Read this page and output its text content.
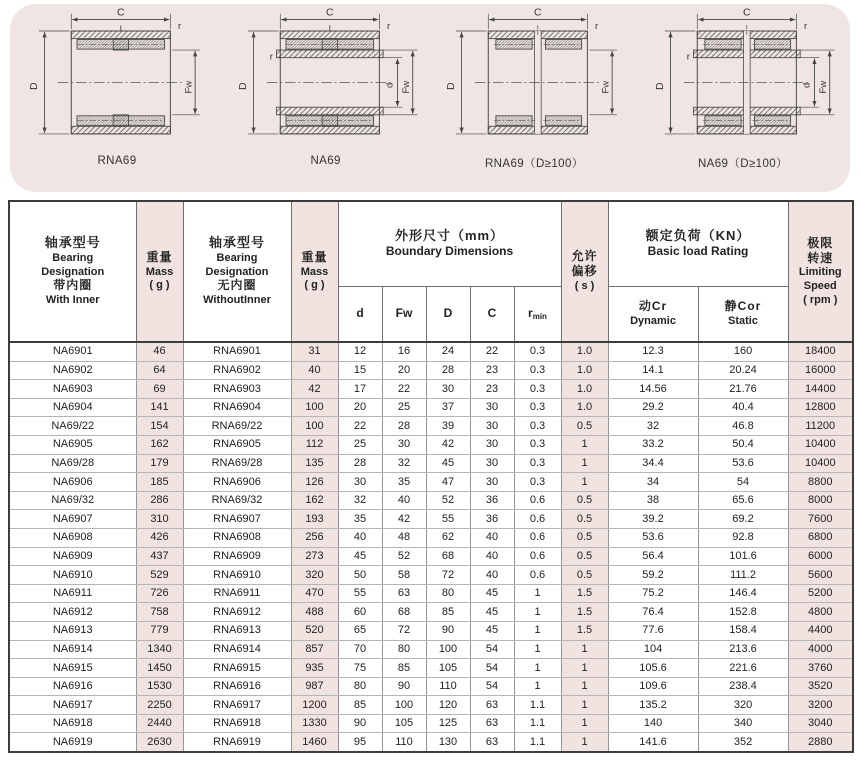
C
r
D	Fw
RNA69
C
r
r
D	d Fw
NA69
C
r
D	Fw
RNA69（D≥100）
C
r
r
D	d Fw
NA69（D≥100）
轴承型号
Bearing
Designation
带内圈
With Inner	重量
Mass
( g )	轴承型号
Bearing
Designation
无内圈
WithoutInner	重量
Mass
( g )	外形尺寸（mm）
Boundary Dimensions					允许
偏移
( s )	额定负荷（KN）
Basic load Rating		极限
转速
Limiting
Speed
( rpm )

				d	Fw	D	C	$r_{min}$		动Cr
Dynamic	静Cor
Static	

NA6901	46	RNA6901	31	12	16	24	22	0.3	1.0	12.3	160	18400
NA6902	64	RNA6902	40	15	20	28	23	0.3	1.0	14.1	20.24	16000
NA6903	69	RNA6903	42	17	22	30	23	0.3	1.0	14.56	21.76	14400
NA6904	141	RNA6904	100	20	25	37	30	0.3	1.0	29.2	40.4	12800
NA69/22	154	RNA69/22	100	22	28	39	30	0.3	0.5	32	46.8	11200
NA6905	162	RNA6905	112	25	30	42	30	0.3	1	33.2	50.4	10400
NA69/28	179	RNA69/28	135	28	32	45	30	0.3	1	34.4	53.6	10400
NA6906	185	RNA6906	126	30	35	47	30	0.3	1	34	54	8800
NA69/32	286	RNA69/32	162	32	40	52	36	0.6	0.5	38	65.6	8000
NA6907	310	RNA6907	193	35	42	55	36	0.6	0.5	39.2	69.2	7600
NA6908	426	RNA6908	256	40	48	62	40	0.6	0.5	53.6	92.8	6800
NA6909	437	RNA6909	273	45	52	68	40	0.6	0.5	56.4	101.6	6000
NA6910	529	RNA6910	320	50	58	72	40	0.6	0.5	59.2	111.2	5600
NA6911	726	RNA6911	470	55	63	80	45	1	1.5	75.2	146.4	5200
NA6912	758	RNA6912	488	60	68	85	45	1	1.5	76.4	152.8	4800
NA6913	779	RNA6913	520	65	72	90	45	1	1.5	77.6	158.4	4400
NA6914	1340	RNA6914	857	70	80	100	54	1	1	104	213.6	4000
NA6915	1450	RNA6915	935	75	85	105	54	1	1	105.6	221.6	3760
NA6916	1530	RNA6916	987	80	90	110	54	1	1	109.6	238.4	3520
NA6917	2250	RNA6917	1200	85	100	120	63	1.1	1	135.2	320	3200
NA6918	2440	RNA6918	1330	90	105	125	63	1.1	1	140	340	3040
NA6919	2630	RNA6919	1460	95	110	130	63	1.1	1	141.6	352	2880
